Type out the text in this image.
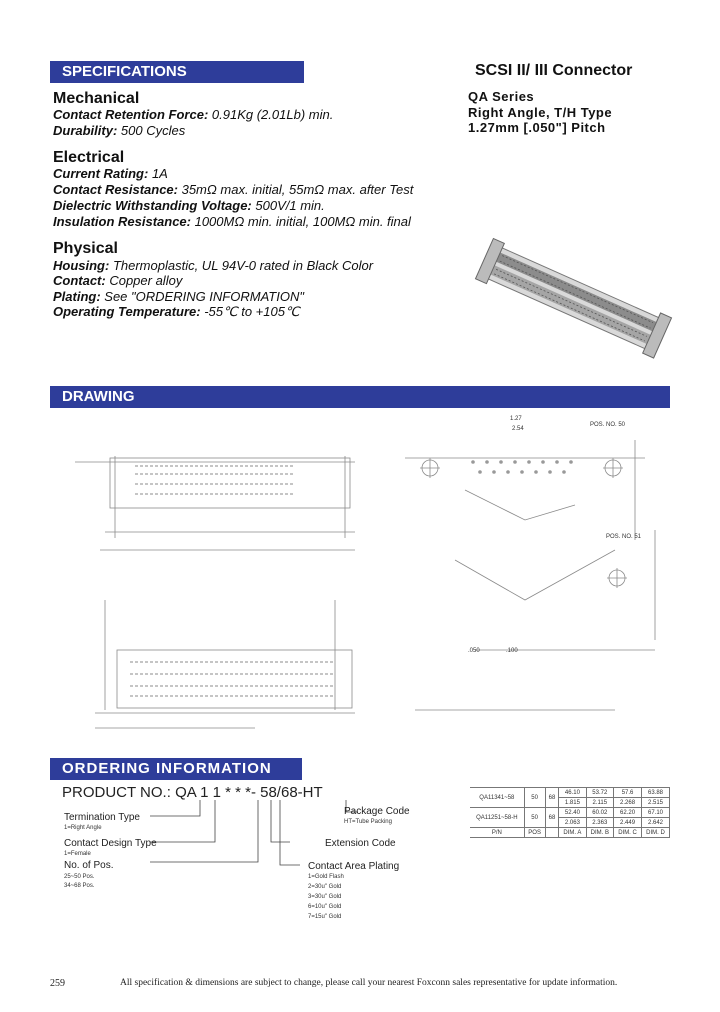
SPECIFICATIONS	SCSI II/ III Connector
QA Series
Right Angle, T/H Type
1.27mm [.050"] Pitch
Mechanical
Contact Retention Force: 0.91Kg (2.01Lb) min.
Durability: 500 Cycles
Electrical
Current Rating: 1A
Contact Resistance: 35mΩ max. initial, 55mΩ max. after Test
Dielectric Withstanding Voltage: 500V/1 min.
Insulation Resistance: 1000MΩ min. initial, 100MΩ min. final
Physical
Housing: Thermoplastic, UL 94V-0 rated in Black Color
Contact: Copper alloy
Plating: See "ORDERING INFORMATION"
Operating Temperature: -55℃ to +105℃
DRAWING
1.27
2.54
POS. NO. 50
POS. NO. 51
.050	.100
ORDERING INFORMATION
PRODUCT NO.: QA 1 1 * * *- 58/68-HT
Termination Type
1=Right Angle
Contact Design Type
1=Female
No. of Pos.
25~50 Pos.
34~68 Pos.
Package Code
HT=Tube Packing
Extension Code
Contact Area Plating
1=Gold Flash
2=30u" Gold
3=30u" Gold
6=10u" Gold
7=15u" Gold
QA11341~58	50	68	46.10	53.72	57.6	63.88
			1.815	2.115	2.268	2.515
QA11251~58-H	50	68	52.40	60.02	62.20	67.10
			2.063	2.363	2.449	2.642
P/N	POS		DIM. A	DIM. B	DIM. C	DIM. D
259	All specification & dimensions are subject to change, please call your nearest Foxconn sales representative for update information.
